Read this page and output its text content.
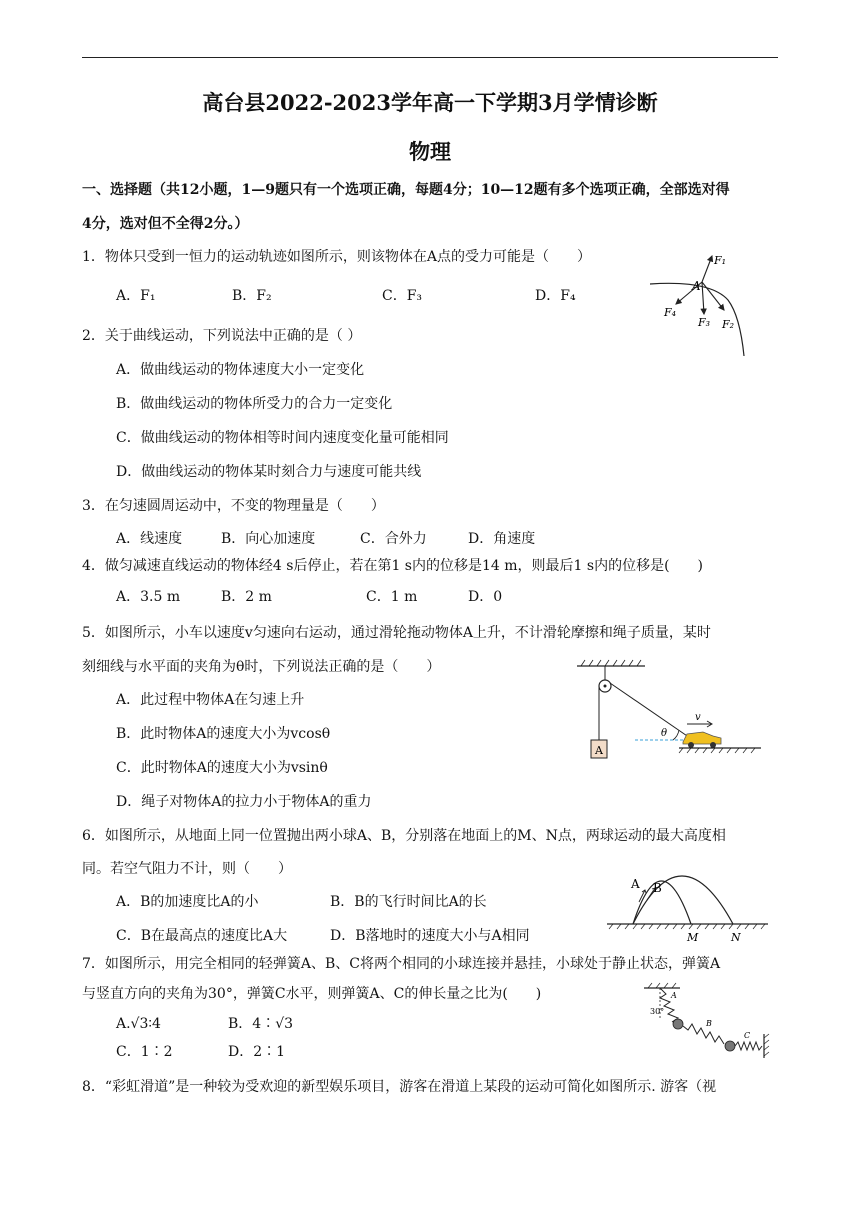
高台县2022-2023学年高一下学期3月学情诊断
物理
一、选择题（共12小题，1—9题只有一个选项正确，每题4分；10—12题有多个选项正确，全部选对得
4分，选对但不全得2分。）
1．物体只受到一恒力的运动轨迹如图所示，则该物体在A点的受力可能是（　　）
A．F₁	B．F₂	C．F₃	D．F₄
A
F₁
F₂
F₃
F₄
2．关于曲线运动，下列说法中正确的是（ ）
A．做曲线运动的物体速度大小一定变化
B．做曲线运动的物体所受力的合力一定变化
C．做曲线运动的物体相等时间内速度变化量可能相同
D．做曲线运动的物体某时刻合力与速度可能共线
3．在匀速圆周运动中，不变的物理量是（　　）
A．线速度	B．向心加速度	C．合外力	D．角速度
4．做匀减速直线运动的物体经4 s后停止，若在第1 s内的位移是14 m，则最后1 s内的位移是(　　)
A．3.5 m	B．2 m	C．1 m	D．0
5．如图所示，小车以速度v匀速向右运动，通过滑轮拖动物体A上升，不计滑轮摩擦和绳子质量，某时
刻细线与水平面的夹角为θ时，下列说法正确的是（　　）
A．此过程中物体A在匀速上升
B．此时物体A的速度大小为vcosθ
C．此时物体A的速度大小为vsinθ
D．绳子对物体A的拉力小于物体A的重力
A
θ
v
6．如图所示，从地面上同一位置抛出两小球A、B，分别落在地面上的M、N点，两球运动的最大高度相
同。若空气阻力不计，则（　　）
A．B的加速度比A的小	B．B的飞行时间比A的长
C．B在最高点的速度比A大	D．B落地时的速度大小与A相同
A B
M	N
7．如图所示，用完全相同的轻弹簧A、B、C将两个相同的小球连接并悬挂，小球处于静止状态，弹簧A
与竖直方向的夹角为30°，弹簧C水平，则弹簧A、C的伸长量之比为(　　)
A.√3∶4	B．4∶√3
C．1∶2	D．2∶1
A
30°
B
C
8．“彩虹滑道”是一种较为受欢迎的新型娱乐项目，游客在滑道上某段的运动可简化如图所示. 游客（视
